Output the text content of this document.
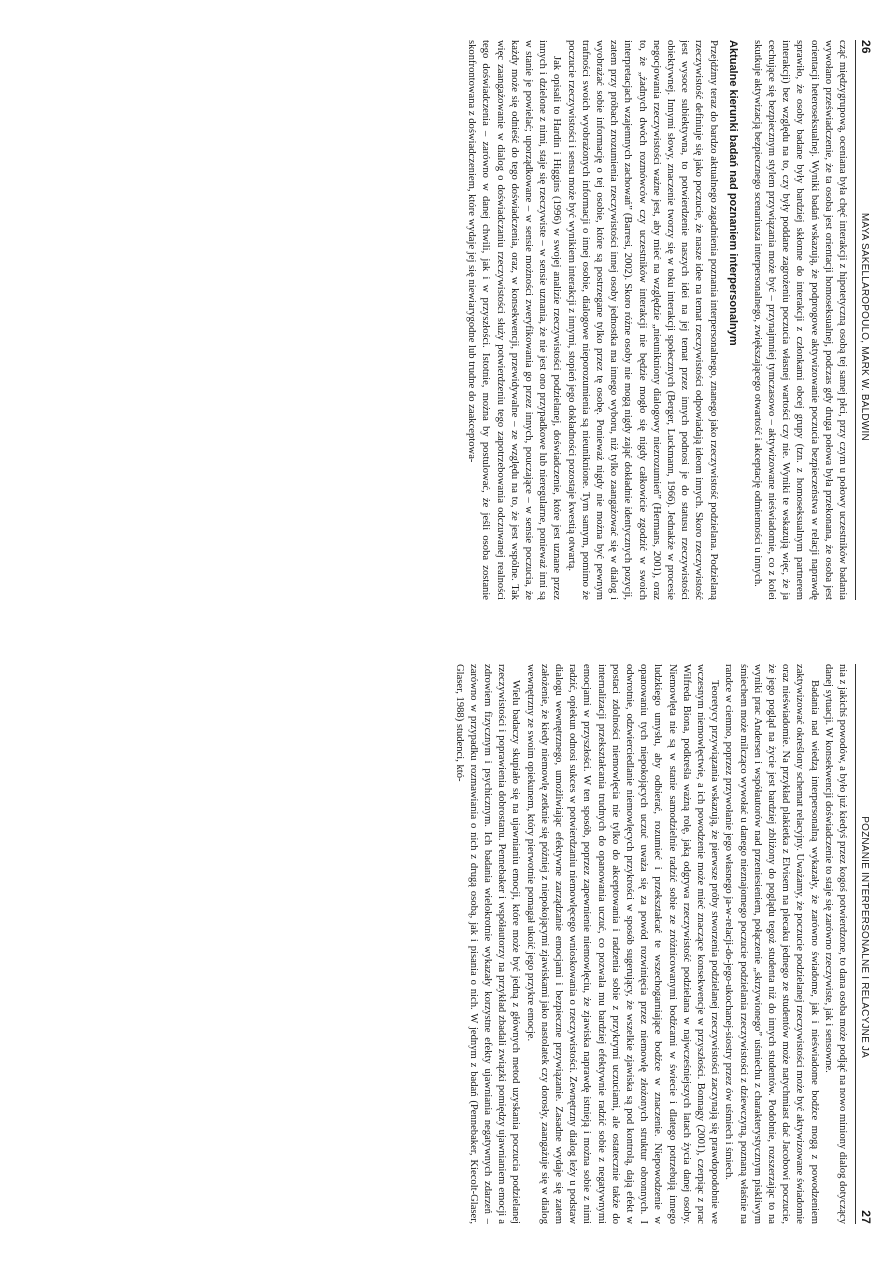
26
MAYA SAKELLAROPOULO, MARK W. BALDWIN

cząć międzygrupową, oceniana była chęć interakcji z hipotetyczną osobą tej samej płci, przy czym u połowy uczestników badania wywołano przeświadczenie, że ta osoba jest orientacji homoseksualnej, podczas gdy druga połowa była przekonana, że osoba jest orientacji heteroseksualnej. Wyniki badań wskazują, że podprogowe aktywizowanie poczucia bezpieczeństwa w relacji naprawdę sprawiło, że osoby badane były bardziej skłonne do interakcji z członkami obcej grupy (tzn. z homoseksualnym partnerem interakcji) bez względu na to, czy były poddane zagrożeniu poczucia własnej wartości czy nie. Wyniki te wskazują więc, że ja cechujące się bezpiecznym stylem przywiązania może być – przynajmniej tymczasowo – aktywizowane nieświadomie, co z kolei skutkuje aktywizacją bezpiecznego scenariusza interpersonalnego, zwiększającego otwartość i akceptację odmienności u innych.

Aktualne kierunki badań nad poznaniem interpersonalnym

Przejdźmy teraz do bardzo aktualnego zagadnienia poznania interpersonalnego, znanego jako rzeczywistość podzielana. Podzielaną rzeczywistość definiuje się jako poczucie, że nasze idee na temat rzeczywistości odpowiadają ideom innych. Skoro rzeczywistość jest wysoce subiektywna, to potwierdzenie naszych idei na jej temat przez innych podnosi je do statusu rzeczywistości obiektywnej. Innymi słowy, znaczenie tworzy się w toku interakcji społecznych (Berger, Luckmann, 1966). Jednakże w procesie negocjowania rzeczywistości ważne jest, aby mieć na względzie „nieunikniony dialogowy niezrozumień” (Hermans, 2001), oraz to, że „żadnych dwóch rozmówców czy uczestników interakcji nie będzie mogło się nigdy całkowicie zgodzić w swoich interpretacjach wzajemnych zachowań” (Barresi, 2002). Skoro różne osoby nie mogą nigdy zająć dokładnie identycznych pozycji, zatem przy próbach zrozumienia rzeczywistości innej osoby jednostka ma innego wyboru, niż tylko zaangażować się w dialog i wyobrażać sobie informację o tej osobie, które są postrzegane tylko przez tę osobę. Ponieważ nigdy nie można być pewnym trafności swoich wyobrażonych informacji o innej osobie, dialogowe nieporozumienia są nieuniknione. Tym samym, pomimo że poczucie rzeczywistości i sensu może być wynikiem interakcji z innymi, stopień jego dokładności pozostaje kwestią otwartą.

Jak opisali to Hardin i Higgins (1996) w swojej analizie rzeczywistości podzielanej, doświadczenie, które jest uznane przez innych i dzielone z nimi, staje się rzeczywiste – w sensie uznania, że nie jest ono przypadkowe lub nieregularne, ponieważ inni są w stanie je powielać; uporządkowane – w sensie możności zweryfikowania go przez innych, pouczające – w sensie poczucia, że każdy może się odnieść do tego doświadczenia, oraz, w konsekwencji, przewidywalne – ze względu na to, że jest wspólne. Tak więc zaangażowanie w dialog o doświadczaniu rzeczywistości służy potwierdzeniu tego zapotrzebowania odczuwanej realności tego doświadczenia – zarówno w danej chwili, jak i w przyszłości. Istotnie, można by postulować, że jeśli osoba zostanie skonfrontowana z doświadczeniem, które wydaje jej się niewiarygodne lub trudne do zaakceptowa-

POZNANIE INTERPERSONALNE I RELACYJNE JA
27

nia z jakichś powodów, a było już kiedyś przez kogoś potwierdzone, to dana osoba może podjąć na nowo miniony dialog dotyczący danej sytuacji. W konsekwencji doświadczenie to staje się zarówno rzeczywiste, jak i sensowne.

Badania nad wiedzą interpersonalną wykazały, że zarówno świadome, jak i nieświadome bodźce mogą z powodzeniem zaktywizować określony schemat relacyjny. Uważamy, że poczucie podzielanej rzeczywistości może być aktywizowane świadomie oraz nieświadomie. Na przykład plakietka z Elvisem na plecaku jednego ze studentów może natychmiast dać Jacobowi poczucie, że jego pogląd na życie jest bardziej zbliżony do poglądu tegoż studenta niż do innych studentów. Podobnie, rozszerzając to na wyniki prac Andersen i współautorów nad przeniesieniem, połączenie „skrzywionego” uśmiechu z charakterystycznym piskliwym śmiechem może milcząco wywołać u danego nieznajomego poczucie podzielania rzeczywistości z dziewczyną, poznaną właśnie na randce w ciemno, poprzez przywołanie jego własnego ja-w-relacji-do-jego-ukochanej-siostry przez ów uśmiech i śmiech.

Teoretycy przywiązania wskazują, że pierwsze próby stworzenia podzielanej rzeczywistości zaczynają się prawdopodobnie we wczesnym niemowlęctwie, a ich powodzenie może mieć znaczące konsekwencje w przyszłości. Bonnagy (2001), czerpiąc z prac Wilfreda Biona, podkreśla ważną rolę, jaką odgrywa rzeczywistość podzielana w najwcześniejszych latach życia danej osoby. Niemowlęta nie są w stanie samodzielnie radzić sobie ze zróżnicowanymi bodźcami w świecie i dlatego potrzebują innego ludzkiego umysłu, aby odbierać, rozumieć i przekształcać te wszechogarniające bodźce w znaczenie. Niepowodzenie w opanowaniu tych niepokojących uczuć uważa się za powód rozwinięcia przez niemowlę złożonych struktur obronnych. I odwrotnie, odzwierciedlanie niemowlęcych przykrości w sposób sugerujący, że wszelkie zjawiska są pod kontrolą, dają efekt w postaci zdolności niemowlęcia nie tylko do akceptowania i radzenia sobie z przykrymi uczuciami, ale ostatecznie także do internalizacji przekształcania trudnych do opanowania uczuć, co pozwala mu bardziej efektywnie radzić sobie z negatywnymi emocjami w przyszłości. W ten sposób, poprzez zapewnienie niemowlęciu, że zjawiska naprawdę istnieją i można sobie z nimi radzić, opiekun odnosi sukces w potwierdzaniu niemowlęcego wnioskowania o rzeczywistości. Zewnętrzny dialog leży u podstaw dialogu wewnętrznego, umożliwiając efektywne zarządzanie emocjami i bezpieczne przywiązanie. Zasadne wydaje się zatem założenie, że kiedy niemowlę zetknie się później z niepokojącymi zjawiskami jako nastolatek czy dorosły, zaangażuje się w dialog wewnętrzny ze swoim opiekunem, który pierwotnie pomagał ukoić jego przykre emocje.

Wielu badaczy skupiało się na ujawnianiu emocji, które może być jedną z głównych metod uzyskania poczucia podzielanej rzeczywistości i poprawienia dobrostanu. Pennebaker i współautorzy na przykład zbadali związki pomiędzy ujawnianiem emocji a zdrowiem fizycznym i psychicznym. Ich badania wielokrotnie wykazały korzystne efekty ujawniania negatywnych zdarzeń – zarówno w przypadku rozmawiania o nich z drugą osobą, jak i pisania o nich. W jednym z badań (Pennebaker, Kiecolt-Glaser, Glaser, 1988) studenci, któ-
